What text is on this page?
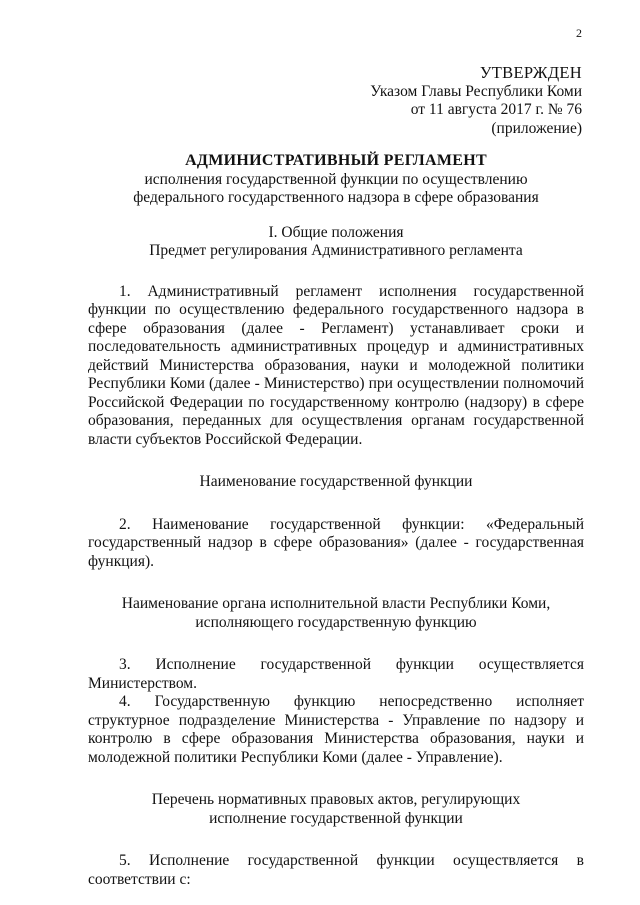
2
УТВЕРЖДЕН
Указом Главы Республики Коми
от 11 августа 2017 г. № 76
(приложение)
АДМИНИСТРАТИВНЫЙ РЕГЛАМЕНТ
исполнения государственной функции по осуществлению
федерального государственного надзора в сфере образования
I. Общие положения
Предмет регулирования Административного регламента

1. Административный регламент исполнения государственной функции по осуществлению федерального государственного надзора в сфере образования (далее - Регламент) устанавливает сроки и последовательность административных процедур и административных действий Министерства образования, науки и молодежной политики Республики Коми (далее - Министерство) при осуществлении полномочий Российской Федерации по государственному контролю (надзору) в сфере образования, переданных для осуществления органам государственной власти субъектов Российской Федерации.

Наименование государственной функции

2. Наименование государственной функции: «Федеральный государственный надзор в сфере образования» (далее - государственная функция).

Наименование органа исполнительной власти Республики Коми,
исполняющего государственную функцию

3. Исполнение государственной функции осуществляется Министерством.

4. Государственную функцию непосредственно исполняет структурное подразделение Министерства - Управление по надзору и контролю в сфере образования Министерства образования, науки и молодежной политики Республики Коми (далее - Управление).

Перечень нормативных правовых актов, регулирующих
исполнение государственной функции

5. Исполнение государственной функции осуществляется в соответствии с:
